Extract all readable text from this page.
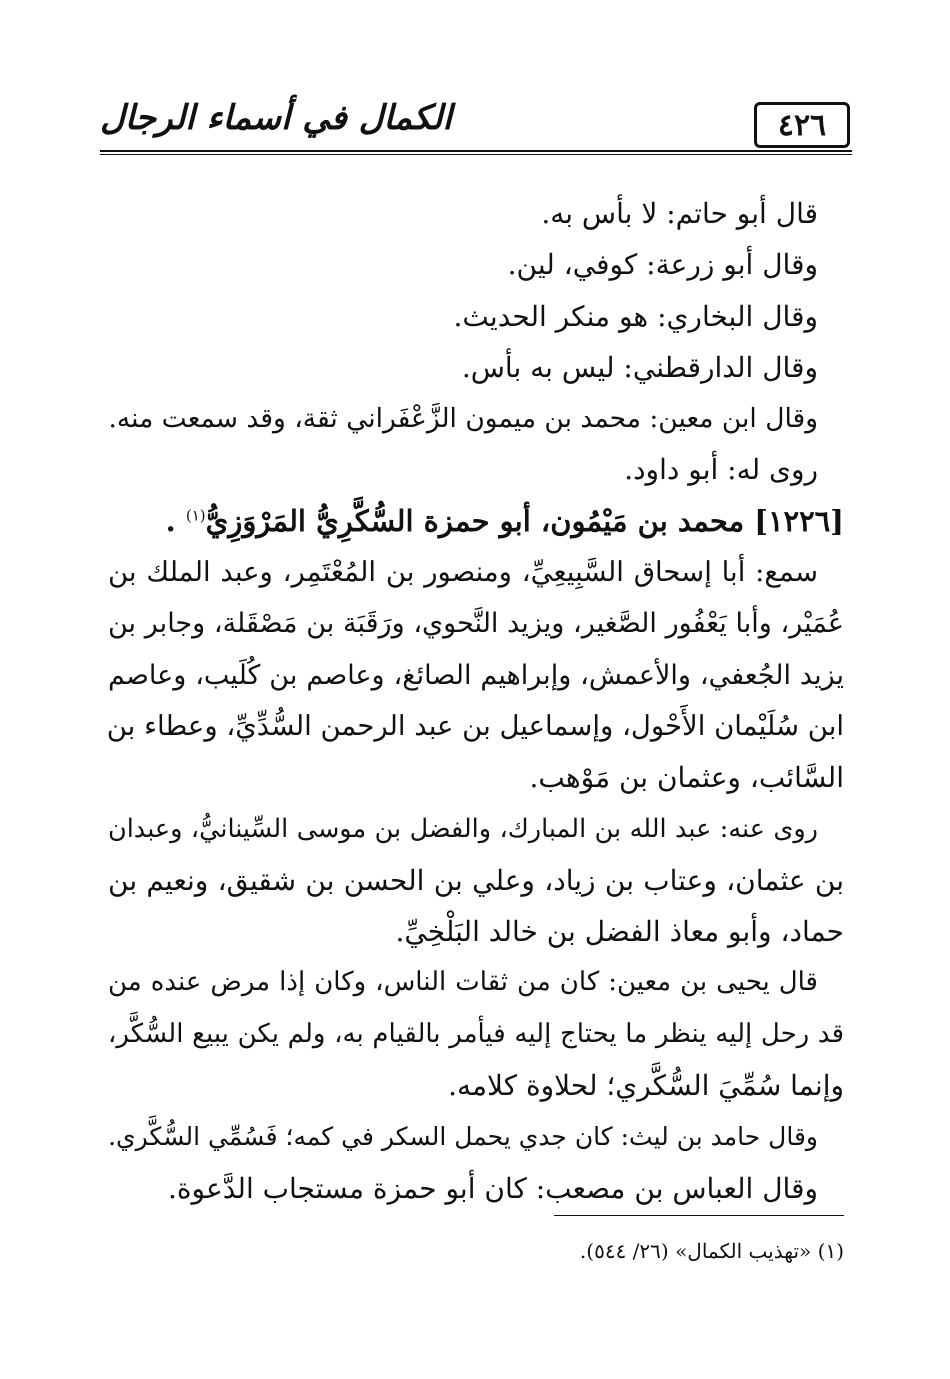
٤٢٦
الكمال في أسماء الرجال
قال أبو حاتم: لا بأس به.
وقال أبو زرعة: كوفي، لين.
وقال البخاري: هو منكر الحديث.
وقال الدارقطني: ليس به بأس.
وقال ابن معين: محمد بن ميمون الزَّعْفَراني ثقة، وقد سمعت منه.
روى له: أبو داود.
[١٢٢٦] محمد بن مَيْمُون، أبو حمزة السُّكَّرِيُّ المَرْوَزِيُّ$^{(١)}$ .
سمع: أبا إسحاق السَّبِيعِيِّ، ومنصور بن المُعْتَمِر، وعبد الملك بن
عُمَيْر، وأبا يَعْفُور الصَّغير، ويزيد النَّحوي، ورَقَبَة بن مَصْقَلة، وجابر بن
يزيد الجُعفي، والأعمش، وإبراهيم الصائغ، وعاصم بن كُلَيب، وعاصم
ابن سُلَيْمان الأَحْول، وإسماعيل بن عبد الرحمن السُّدِّيِّ، وعطاء بن
السَّائب، وعثمان بن مَوْهب.
روى عنه: عبد الله بن المبارك، والفضل بن موسى السِّينانيُّ، وعبدان
بن عثمان، وعتاب بن زياد، وعلي بن الحسن بن شقيق، ونعيم بن
حماد، وأبو معاذ الفضل بن خالد البَلْخِيِّ.
قال يحيى بن معين: كان من ثقات الناس، وكان إذا مرض عنده من
قد رحل إليه ينظر ما يحتاج إليه فيأمر بالقيام به، ولم يكن يبيع السُّكَّر،
وإنما سُمِّيَ السُّكَّري؛ لحلاوة كلامه.
وقال حامد بن ليث: كان جدي يحمل السكر في كمه؛ فَسُمِّي السُّكَّري.
وقال العباس بن مصعب: كان أبو حمزة مستجاب الدَّعوة.
(١) «تهذيب الكمال» (٢٦/ ٥٤٤).
